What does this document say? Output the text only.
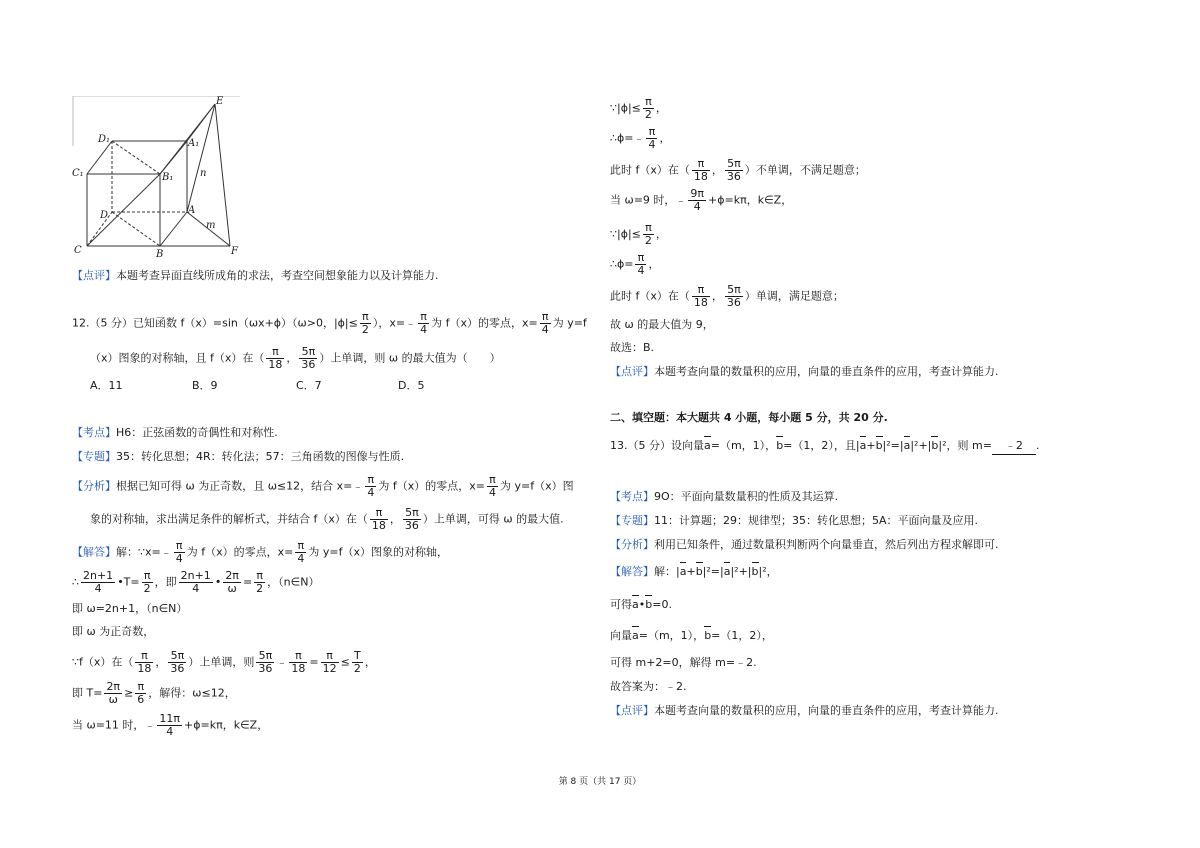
E
D₁	A₁
C₁	B₁	n
D	A
m
C	B	F
【点评】本题考查异面直线所成角的求法，考查空间想象能力以及计算能力.
12.（5 分）已知函数 f（x）=sin（ωx+ϕ）（ω>0，$|\phi|\le \frac{\pi}{2}$ ），x=﹣ $\frac{\pi}{4}$ 为 f（x）的零点，$x= \frac{\pi}{4}$ 为 y=f
（x）图象的对称轴，且 f（x）在（ $\frac{\pi}{18}$ ， $\frac{5\pi}{36}$ ）上单调，则 ω 的最大值为（　　）
A．11	B．9	C．7	D．5
【考点】H6：正弦函数的奇偶性和对称性.
【专题】35：转化思想；4R：转化法；57：三角函数的图像与性质.
【分析】根据已知可得 ω 为正奇数，且 ω≤12，结合 x=﹣ $\frac{\pi}{4}$ 为 f（x）的零点，$x= \frac{\pi}{4}$ 为 y=f（x）图
象的对称轴，求出满足条件的解析式，并结合 f（x）在（ $\frac{\pi}{18}$ ， $\frac{5\pi}{36}$ ）上单调，可得 ω 的最大值.
【解答】解：∵x=﹣ $\frac{\pi}{4}$ 为 f（x）的零点，$x= \frac{\pi}{4}$ 为 y=f（x）图象的对称轴，
∴ $\frac{2n+1}{4}$ •T= $\frac{\pi}{2}$ ，即 $\frac{2n+1}{4}$ • $\frac{2\pi}{\omega} = \frac{\pi}{2}$ ，（n∈N）
即 ω=2n+1，（n∈N）
即 ω 为正奇数，
∵f（x）在（ $\frac{\pi}{18}$ ， $\frac{5\pi}{36}$ ）上单调，则 $\frac{5\pi}{36}$ ﹣ $\frac{\pi}{18} = \frac{\pi}{12} \le \frac{T}{2}$ ，
即 $T= \frac{2\pi}{\omega} \ge \frac{\pi}{6}$ ，解得：ω≤12，
当 ω=11 时，﹣ $\frac{11\pi}{4} +\phi=k\pi$，k∈Z，
∵|ϕ|≤ $\frac{\pi}{2}$ ，
∴ϕ=﹣ $\frac{\pi}{4}$ ，
此时 f（x）在（ $\frac{\pi}{18}$ ， $\frac{5\pi}{36}$ ）不单调，不满足题意；
当 ω=9 时，﹣ $\frac{9\pi}{4} +\phi=k\pi$，k∈Z，
∵|ϕ|≤ $\frac{\pi}{2}$ ，
∴ϕ= $\frac{\pi}{4}$ ，
此时 f（x）在（ $\frac{\pi}{18}$ ， $\frac{5\pi}{36}$ ）单调，满足题意；
故 ω 的最大值为 9，
故选：B.
【点评】本题考查向量的数量积的应用，向量的垂直条件的应用，考查计算能力.
二、填空题：本大题共 4 小题，每小题 5 分，共 20 分.
13.（5 分）设向量a=（m，1），b=（1，2），且|a+b|²=|a|²+|b|²，则 m= ﹣2 .
【考点】9O：平面向量数量积的性质及其运算.
【专题】11：计算题；29：规律型；35：转化思想；5A：平面向量及应用.
【分析】利用已知条件，通过数量积判断两个向量垂直，然后列出方程求解即可.
【解答】解：|a+b|²=|a|²+|b|²，
可得a•b=0.
向量a=（m，1），b=（1，2），
可得 m+2=0，解得 m=﹣2.
故答案为：﹣2.
【点评】本题考查向量的数量积的应用，向量的垂直条件的应用，考查计算能力.
第 8 页（共 17 页）
